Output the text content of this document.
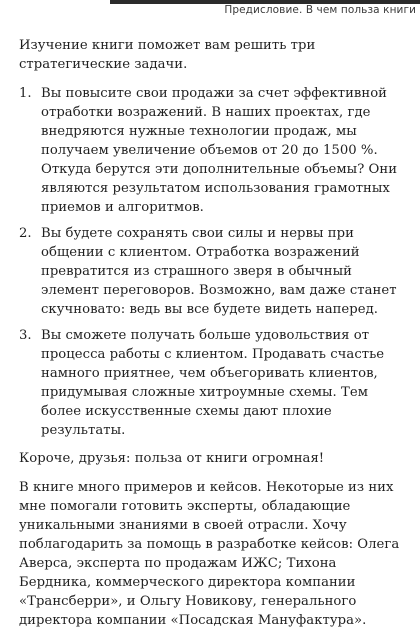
Предисловие. В чем польза книги

Изучение книги поможет вам решить три стратегические задачи.

1. Вы повысите свои продажи за счет эффективной отработки возражений. В наших проектах, где внедряются нужные технологии продаж, мы получаем увеличение объемов от 20 до 1500 %. Откуда берутся эти дополнительные объемы? Они являются результатом использования грамотных приемов и алгоритмов.
2. Вы будете сохранять свои силы и нервы при общении с клиентом. Отработка возражений превратится из страшного зверя в обычный элемент переговоров. Возможно, вам даже станет скучновато: ведь вы все будете видеть наперед.
3. Вы сможете получать больше удовольствия от процесса работы с клиентом. Продавать счастье намного приятнее, чем объегоривать клиентов, придумывая сложные хитроумные схемы. Тем более искусственные схемы дают плохие результаты.

Короче, друзья: польза от книги огромная!

В книге много примеров и кейсов. Некоторые из них мне помогали готовить эксперты, обладающие уникальными знаниями в своей отрасли. Хочу поблагодарить за помощь в разработке кейсов: Олега Аверса, эксперта по продажам ИЖС; Тихона Бердника, коммерческого директора компании «Трансберри», и Ольгу Новикову, генерального директора компании «Посадская Мануфактура».
